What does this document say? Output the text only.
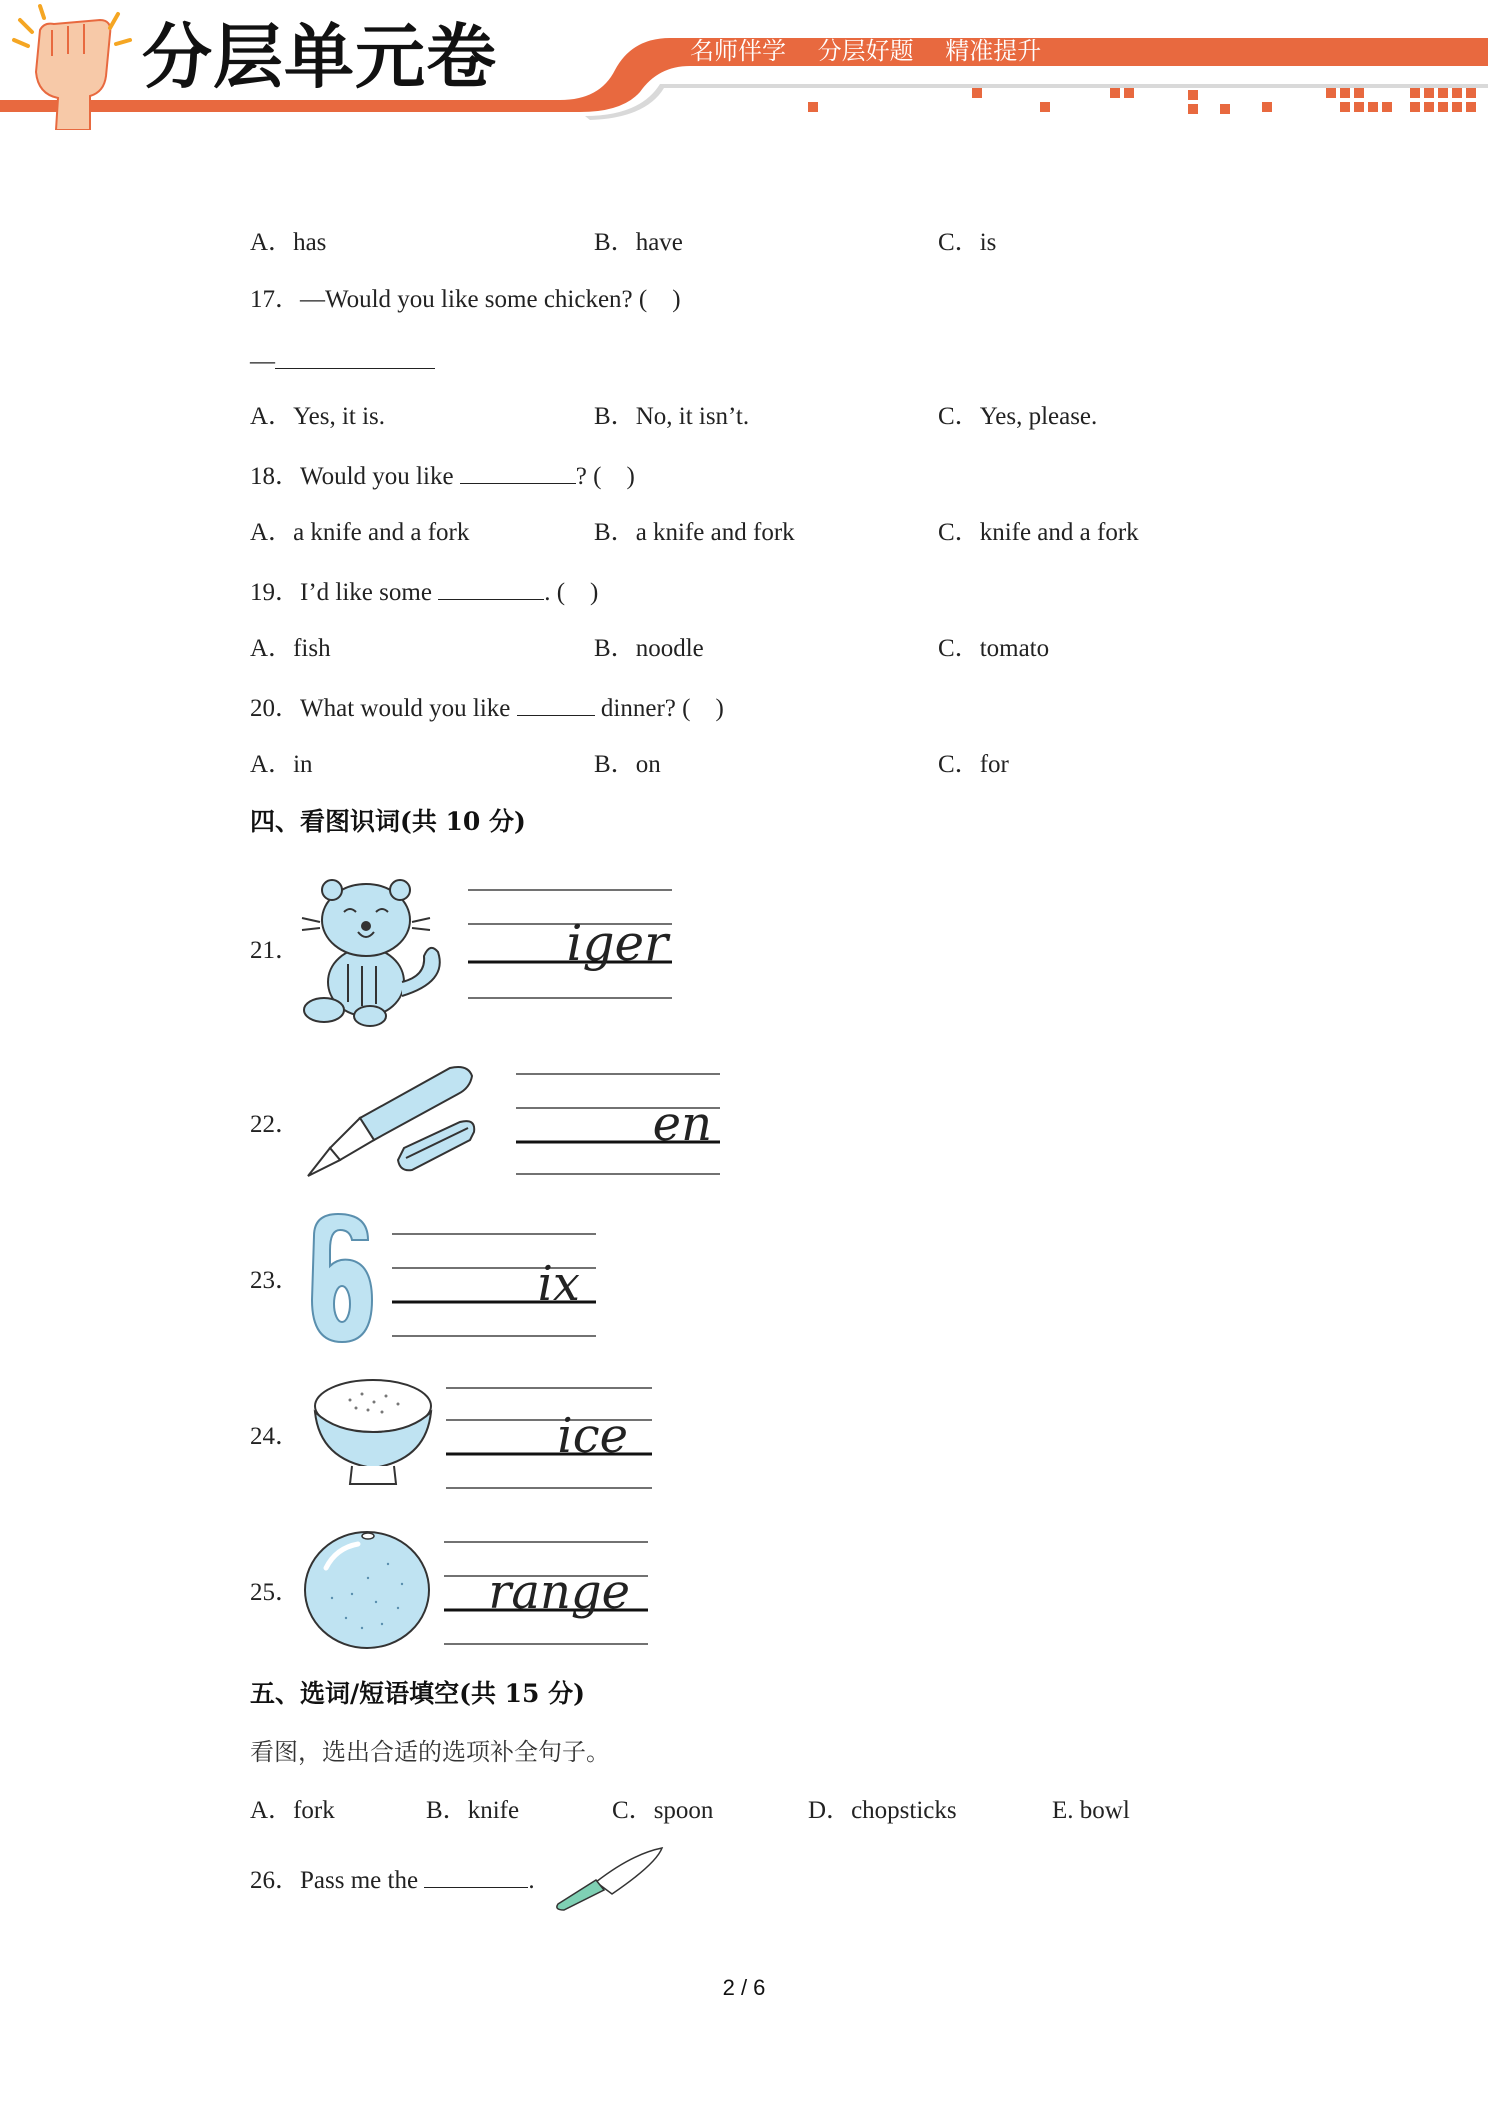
分层单元卷	名师伴学 分层好题 精准提升
A．has	B．have	C．is
17．—Would you like some chicken? (　)
—
A．Yes, it is.	B．No, it isn’t.	C．Yes, please.
18．Would you like	? (　)
A．a knife and a fork	B．a knife and fork	C．knife and a fork
19．I’d like some	. (　)
A．fish	B．noodle	C．tomato
20．What would you like	dinner? (　)
A．in	B．on	C．for
四、看图识词(共 10 分)
21．	iger
22．	en
23．	ix
24．	ice
25．	range
五、选词/短语填空(共 15 分)
看图，选出合适的选项补全句子。
A．fork	B．knife	C．spoon	D．chopsticks	E. bowl
26．Pass me the	.
2 / 6
